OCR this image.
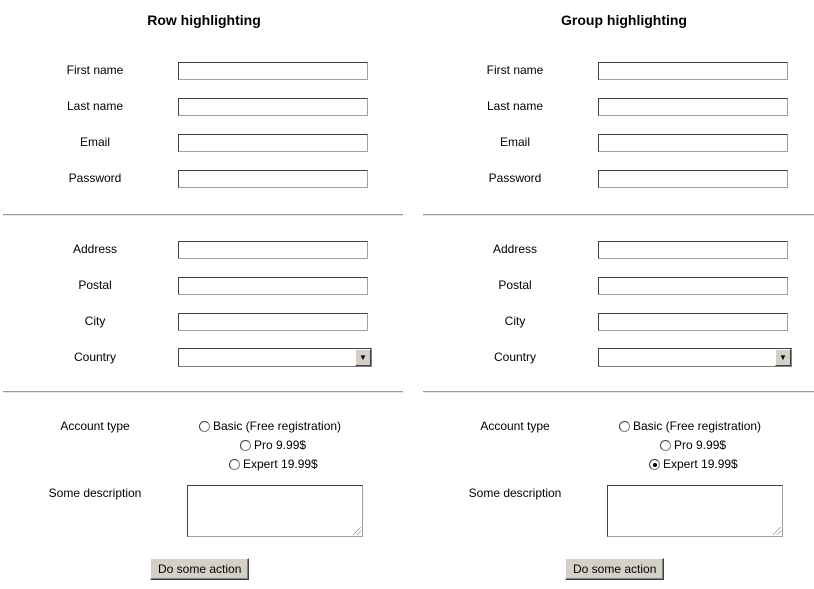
Row highlighting
First name
Last name
Email
Password
Address
Postal
City
Country	▼
Account type	Basic (Free registration)
Pro 9.99$
Expert 19.99$
Some description
Do some action
Group highlighting
First name
Last name
Email
Password
Address
Postal
City
Country	▼
Account type	Basic (Free registration)
Pro 9.99$
Expert 19.99$
Some description
Do some action
